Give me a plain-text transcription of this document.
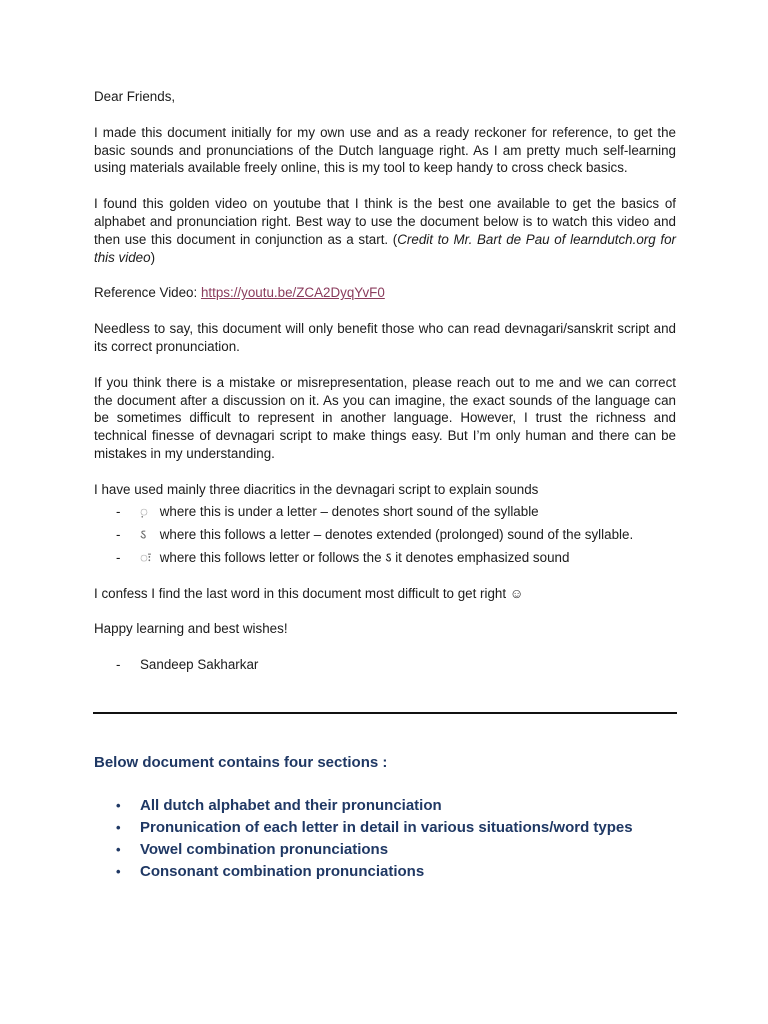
Dear Friends,

I made this document initially for my own use and as a ready reckoner for reference, to get the basic sounds and pronunciations of the Dutch language right. As I am pretty much self-learning using materials available freely online, this is my tool to keep handy to cross check basics.

I found this golden video on youtube that I think is the best one available to get the basics of alphabet and pronunciation right. Best way to use the document below is to watch this video and then use this document in conjunction as a start. (Credit to Mr. Bart de Pau of learndutch.org for this video)

Reference Video: https://youtu.be/ZCA2DyqYvF0

Needless to say, this document will only benefit those who can read devnagari/sanskrit script and its correct pronunciation.

If you think there is a mistake or misrepresentation, please reach out to me and we can correct the document after a discussion on it. As you can imagine, the exact sounds of the language can be sometimes difficult to represent in another language. However, I trust the richness and technical finesse of devnagari script to make things easy. But I’m only human and there can be mistakes in my understanding.

I have used mainly three diacritics in the devnagari script to explain sounds

- ़ where this is under a letter – denotes short sound of the syllable
- ऽ where this follows a letter – denotes extended (prolonged) sound of the syllable.
- ः where this follows letter or follows the ऽ it denotes emphasized sound

I confess I find the last word in this document most difficult to get right ☺

Happy learning and best wishes!

- Sandeep Sakharkar
Below document contains four sections :
• All dutch alphabet and their pronunciation
• Pronunication of each letter in detail in various situations/word types
• Vowel combination pronunciations
• Consonant combination pronunciations
